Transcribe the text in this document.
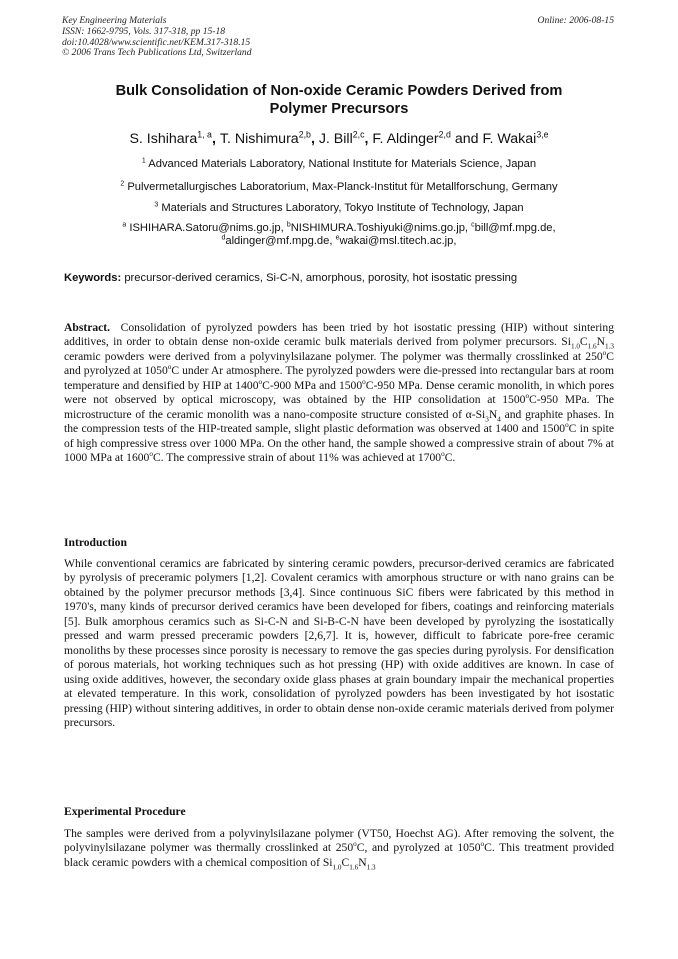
Key Engineering Materials
ISSN: 1662-9795, Vols. 317-318, pp 15-18
doi:10.4028/www.scientific.net/KEM.317-318.15
© 2006 Trans Tech Publications Ltd, Switzerland
Online: 2006-08-15
Bulk Consolidation of Non-oxide Ceramic Powders Derived from
Polymer Precursors
S. Ishihara$^{1, a}$, T. Nishimura$^{2,b}$, J. Bill$^{2,c}$, F. Aldinger$^{2,d}$ and F. Wakai$^{3,e}$
$^1$ Advanced Materials Laboratory, National Institute for Materials Science, Japan
$^2$ Pulvermetallurgisches Laboratorium, Max-Planck-Institut für Metallforschung, Germany
$^3$ Materials and Structures Laboratory, Tokyo Institute of Technology, Japan
$^a$ ISHIHARA.Satoru@nims.go.jp, $^b$NISHIMURA.Toshiyuki@nims.go.jp, $^c$bill@mf.mpg.de,
$^d$aldinger@mf.mpg.de, $^e$wakai@msl.titech.ac.jp,
Keywords: precursor-derived ceramics, Si-C-N, amorphous, porosity, hot isostatic pressing

Abstract. Consolidation of pyrolyzed powders has been tried by hot isostatic pressing (HIP) without sintering additives, in order to obtain dense non-oxide ceramic bulk materials derived from polymer precursors. $Si_{1.0}C_{1.6}N_{1.3}$ ceramic powders were derived from a polyvinylsilazane polymer. The polymer was thermally crosslinked at 250$^o$C and pyrolyzed at 1050$^o$C under Ar atmosphere. The pyrolyzed powders were die-pressed into rectangular bars at room temperature and densified by HIP at 1400$^o$C-900 MPa and 1500$^o$C-950 MPa. Dense ceramic monolith, in which pores were not observed by optical microscopy, was obtained by the HIP consolidation at 1500$^o$C-950 MPa. The microstructure of the ceramic monolith was a nano-composite structure consisted of $\alpha-Si_3N_4$ and graphite phases. In the compression tests of the HIP-treated sample, slight plastic deformation was observed at 1400 and 1500$^o$C in spite of high compressive stress over 1000 MPa. On the other hand, the sample showed a compressive strain of about 7% at 1000 MPa at 1600$^o$C. The compressive strain of about 11% was achieved at 1700$^o$C.

Introduction

While conventional ceramics are fabricated by sintering ceramic powders, precursor-derived ceramics are fabricated by pyrolysis of preceramic polymers [1,2]. Covalent ceramics with amorphous structure or with nano grains can be obtained by the polymer precursor methods [3,4]. Since continuous SiC fibers were fabricated by this method in 1970's, many kinds of precursor derived ceramics have been developed for fibers, coatings and reinforcing materials [5]. Bulk amorphous ceramics such as Si-C-N and Si-B-C-N have been developed by pyrolyzing the isostatically pressed and warm pressed preceramic powders [2,6,7]. It is, however, difficult to fabricate pore-free ceramic monoliths by these processes since porosity is necessary to remove the gas species during pyrolysis. For densification of porous materials, hot working techniques such as hot pressing (HP) with oxide additives are known. In case of using oxide additives, however, the secondary oxide glass phases at grain boundary impair the mechanical properties at elevated temperature. In this work, consolidation of pyrolyzed powders has been investigated by hot isostatic pressing (HIP) without sintering additives, in order to obtain dense non-oxide ceramic materials derived from polymer precursors.

Experimental Procedure

The samples were derived from a polyvinylsilazane polymer (VT50, Hoechst AG). After removing the solvent, the polyvinylsilazane polymer was thermally crosslinked at 250$^o$C, and pyrolyzed at 1050$^o$C. This treatment provided black ceramic powders with a chemical composition of $Si_{1.0}C_{1.6}N_{1.3}$
